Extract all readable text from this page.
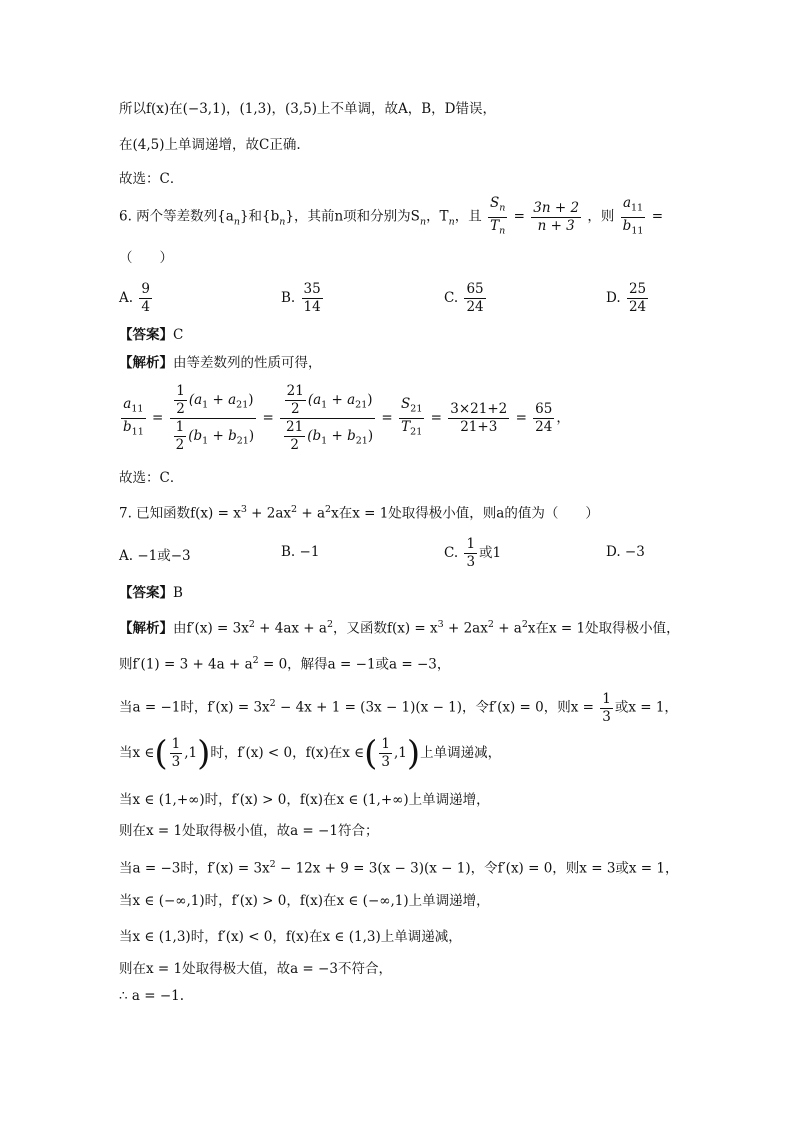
所以f(x)在(−3,1)，(1,3)，(3,5)上不单调，故A，B，D错误，
在(4,5)上单调递增，故C正确.
故选：C．
6. 两个等差数列$\{a_n\}$和$\{b_n\}$，其前n项和分别为$S_n$，$T_n$，且 $\frac{S_n}{T_n} = \frac{3n + 2}{n + 3}$ ，则 $\frac{a_{11}}{b_{11}}$ =
（　　）
A. $\frac{9}{4}$	B. $\frac{35}{14}$	C. $\frac{65}{24}$	D. $\frac{25}{24}$
【答案】C
【解析】由等差数列的性质可得，
$\frac{a_{11}}{b_{11}} = \frac{\frac{1}{2} (a_1 + a_{21})}{\frac{1}{2} (b_1 + b_{21})} = \frac{\frac{21}{2} (a_1 + a_{21})}{\frac{21}{2} (b_1 + b_{21})} = \frac{S_{21}}{T_{21}} = \frac{3\times 21+2}{21+3} = \frac{65}{24}$ ，
故选：C．
7. 已知函数$f(x) = x^3 + 2ax^2 + a^2x$在x = 1处取得极小值，则a的值为（　　）
A. −1或−3	B. −1	C. $\frac{1}{3}$ 或1	D. −3
【答案】B
【解析】由$f'(x) = 3x^2 + 4ax + a^2$，又函数$f(x) = x^3 + 2ax^2 + a^2x$在x = 1处取得极小值，
则$f'(1) = 3 + 4a + a^2 = 0$，解得a = −1或a = −3，
当a = −1时，$f'(x) = 3x^2 - 4x + 1 = (3x - 1)(x - 1)$，令f′(x) = 0，则$x = \frac{1}{3}$ 或x = 1，
当x ∈( $\frac{1}{3} ,1$)时，f′(x) < 0，f(x)在x ∈( $\frac{1}{3} ,1$)上单调递减，
当x ∈ (1,+∞)时，f′(x) > 0，f(x)在x ∈ (1,+∞)上单调递增，
则在x = 1处取得极小值，故a = −1符合；
当a = −3时，$f'(x) = 3x^2 - 12x + 9 = 3(x - 3)(x - 1)$，令f′(x) = 0，则x = 3或x = 1，
当x ∈ (−∞,1)时，f′(x) > 0，f(x)在x ∈ (−∞,1)上单调递增，
当x ∈ (1,3)时，f′(x) < 0，f(x)在x ∈ (1,3)上单调递减，
则在x = 1处取得极大值，故a = −3不符合，
∴ a = −1.
